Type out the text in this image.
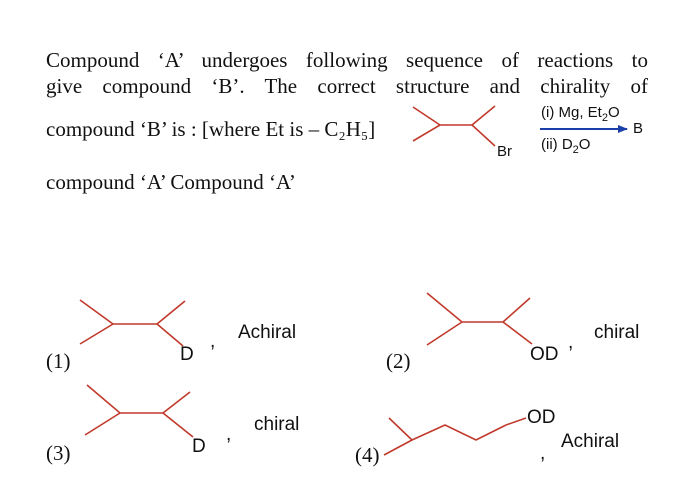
Compound ‘A’ undergoes following sequence of reactions to
give compound ‘B’. The correct structure and chirality of
compound ‘B’ is : [where Et is – C₂H₅]
compound ‘A’ Compound ‘A’
Br
(i) Mg, $Et_2O$
(ii) $D_2O$
B
(1)	D
, Achiral
(2)	OD
, chiral
(3)	D
, chiral
(4)
OD
,
Achiral
